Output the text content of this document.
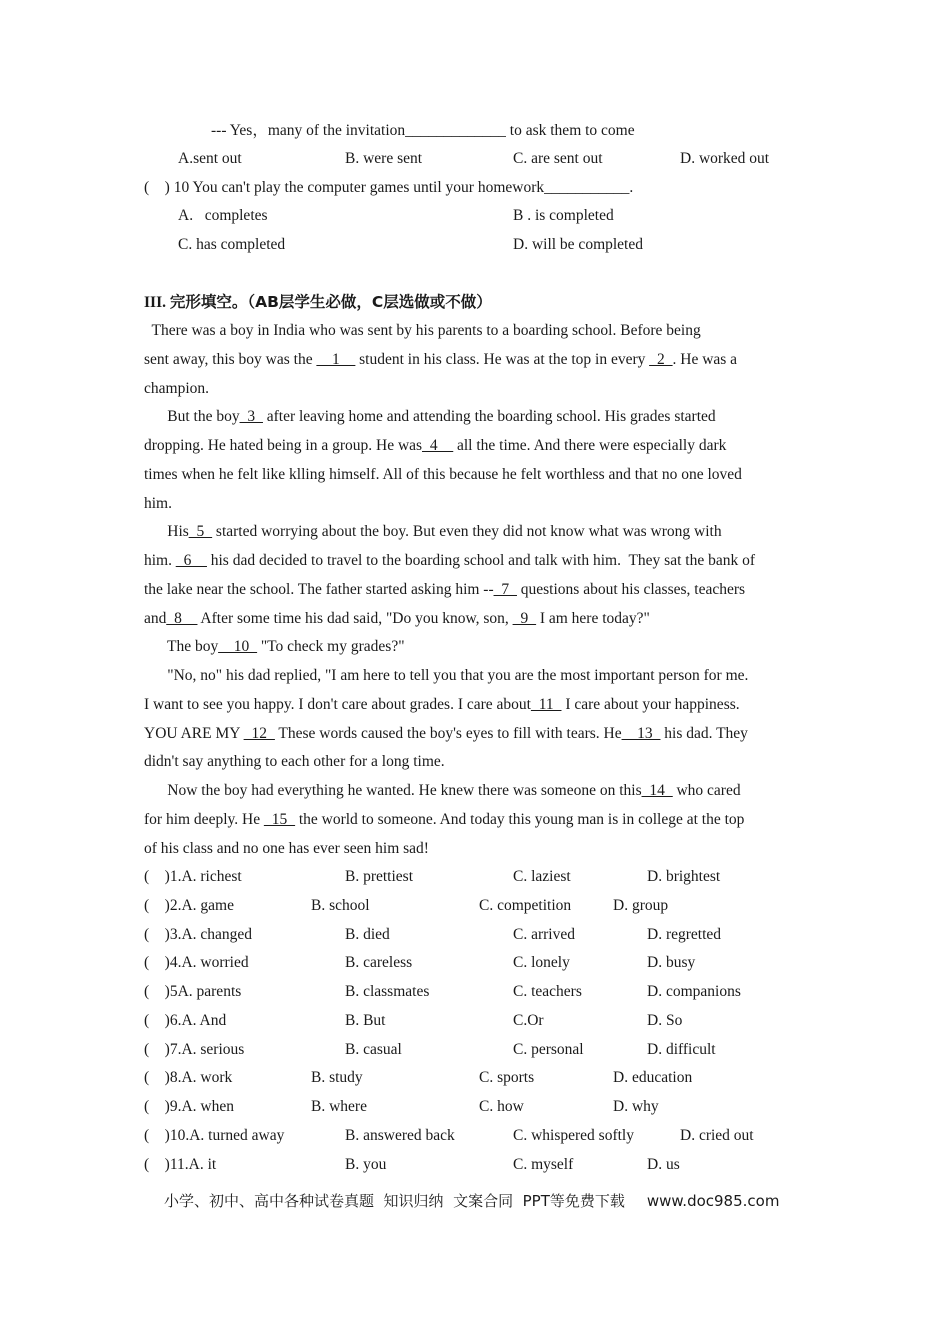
--- Yes，many of the invitation_____________ to ask them to come
A.sent out	B. were sent	C. are sent out	D. worked out
(    ) 10 You can't play the computer games until your homework___________.
A.   completes	B . is completed
C. has completed	D. will be completed
III. 完形填空。（AB层学生必做，C层选做或不做）
There was a boy in India who was sent by his parents to a boarding school. Before being
sent away, this boy was the __1__ student in his class. He was at the top in every _2_. He was a
champion.
But the boy_3_ after leaving home and attending the boarding school. His grades started
dropping. He hated being in a group. He was_4__ all the time. And there were especially dark
times when he felt like klling himself. All of this because he felt worthless and that no one loved
him.
His_5_ started worrying about the boy. But even they did not know what was wrong with
him. _6__ his dad decided to travel to the boarding school and talk with him.  They sat the bank of
the lake near the school. The father started asking him --_7_ questions about his classes, teachers
and_8__ After some time his dad said, "Do you know, son, _9_ I am here today?"
The boy__10_ "To check my grades?"
"No, no" his dad replied, "I am here to tell you that you are the most important person for me.
I want to see you happy. I don't care about grades. I care about_11_ I care about your happiness.
YOU ARE MY _12_ These words caused the boy's eyes to fill with tears. He__13_ his dad. They
didn't say anything to each other for a long time.
Now the boy had everything he wanted. He knew there was someone on this_14_ who cared
for him deeply. He _15_ the world to someone. And today this young man is in college at the top
of his class and no one has ever seen him sad!
(    )1.A. richest	B. prettiest	C. laziest	D. brightest
(    )2.A. game	B. school	C. competition	D. group
(    )3.A. changed	B. died	C. arrived	D. regretted
(    )4.A. worried	B. careless	C. lonely	D. busy
(    )5A. parents	B. classmates	C. teachers	D. companions
(    )6.A. And	B. But	C.Or	D. So
(    )7.A. serious	B. casual	C. personal	D. difficult
(    )8.A. work	B. study	C. sports	D. education
(    )9.A. when	B. where	C. how	D. why
(    )10.A. turned away	B. answered back	C. whispered softly	D. cried out
(    )11.A. it	B. you	C. myself	D. us
小学、初中、高中各种试卷真题  知识归纳  文案合同  PPT等免费下载 www.doc985.com
